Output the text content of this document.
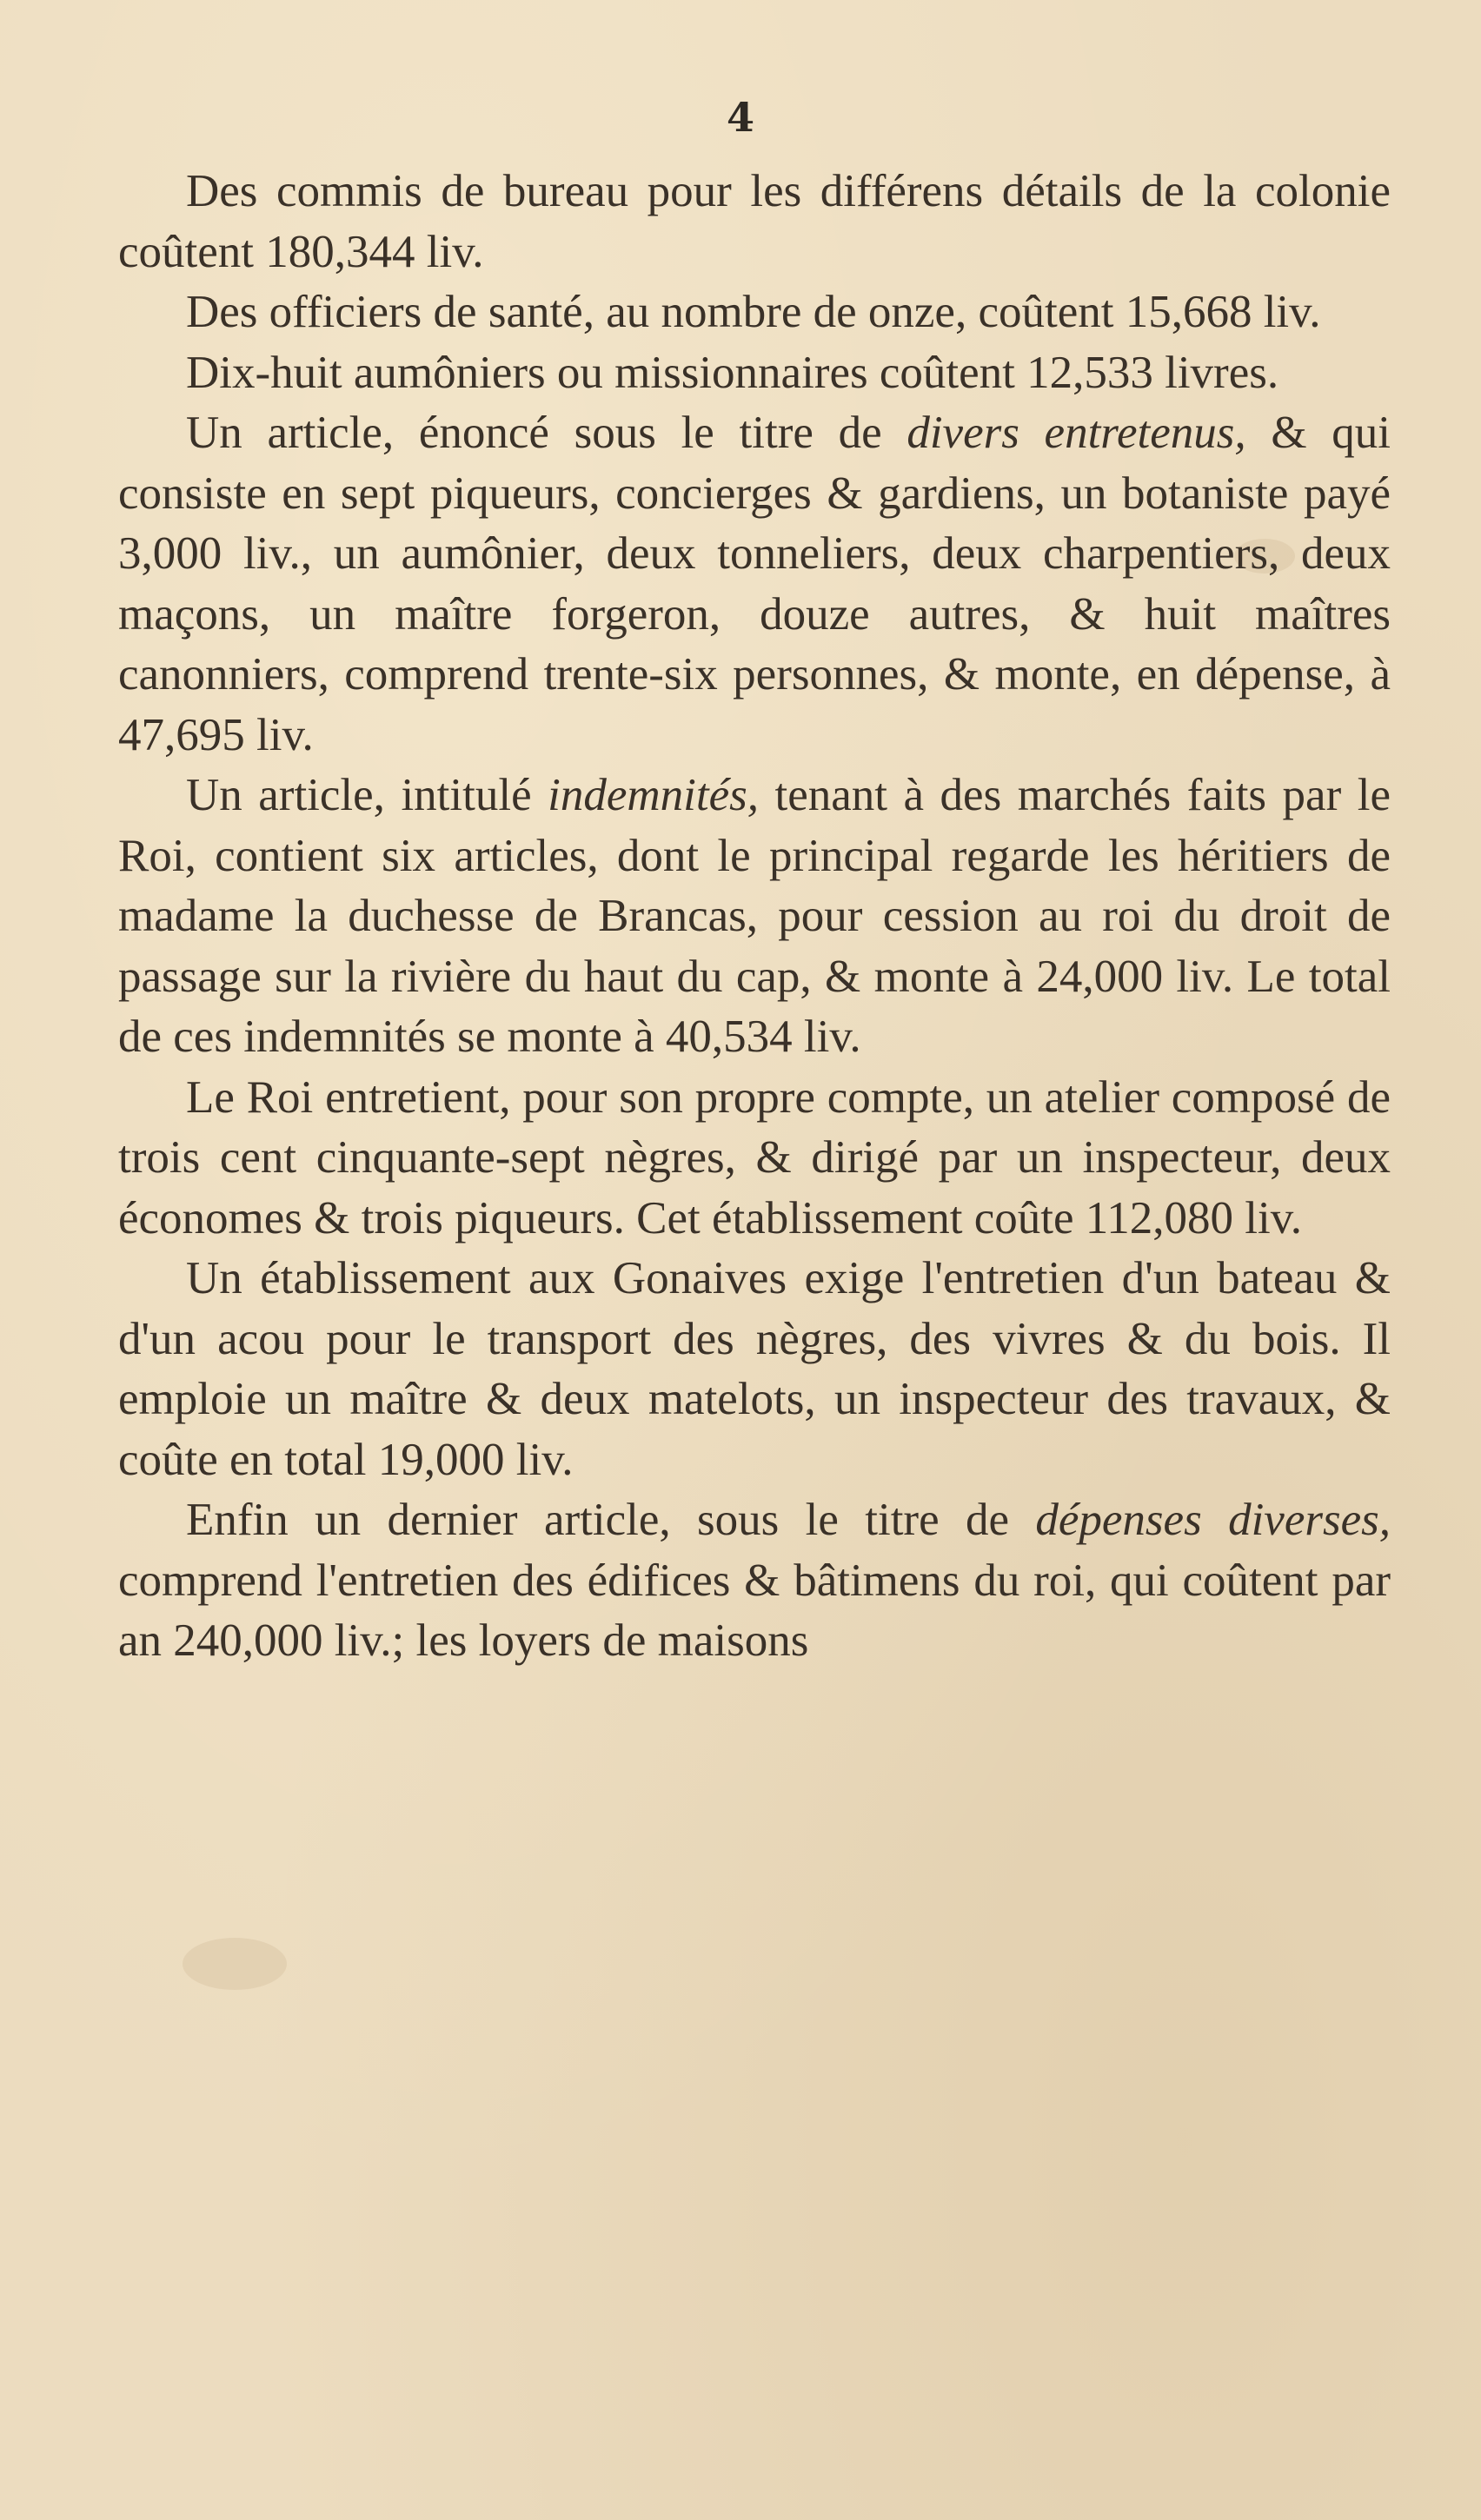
4

Des commis de bureau pour les différens détails de la colonie coûtent 180,344 liv.

Des officiers de santé, au nombre de onze, coûtent 15,668 liv.

Dix-huit aumôniers ou missionnaires coûtent 12,533 livres.

Un article, énoncé sous le titre de divers entretenus, & qui consiste en sept piqueurs, concierges & gardiens, un botaniste payé 3,000 liv., un aumônier, deux tonneliers, deux charpentiers, deux maçons, un maître forgeron, douze autres, & huit maîtres canonniers, comprend trente-six personnes, & monte, en dépense, à 47,695 liv.

Un article, intitulé indemnités, tenant à des marchés faits par le Roi, contient six articles, dont le principal regarde les héritiers de madame la duchesse de Brancas, pour cession au roi du droit de passage sur la rivière du haut du cap, & monte à 24,000 liv. Le total de ces indemnités se monte à 40,534 liv.

Le Roi entretient, pour son propre compte, un atelier composé de trois cent cinquante-sept nègres, & dirigé par un inspecteur, deux économes & trois piqueurs. Cet établissement coûte 112,080 liv.

Un établissement aux Gonaives exige l'entretien d'un bateau & d'un acou pour le transport des nègres, des vivres & du bois. Il emploie un maître & deux matelots, un inspecteur des travaux, & coûte en total 19,000 liv.

Enfin un dernier article, sous le titre de dépenses diverses, comprend l'entretien des édifices & bâtimens du roi, qui coûtent par an 240,000 liv.; les loyers de maisons
